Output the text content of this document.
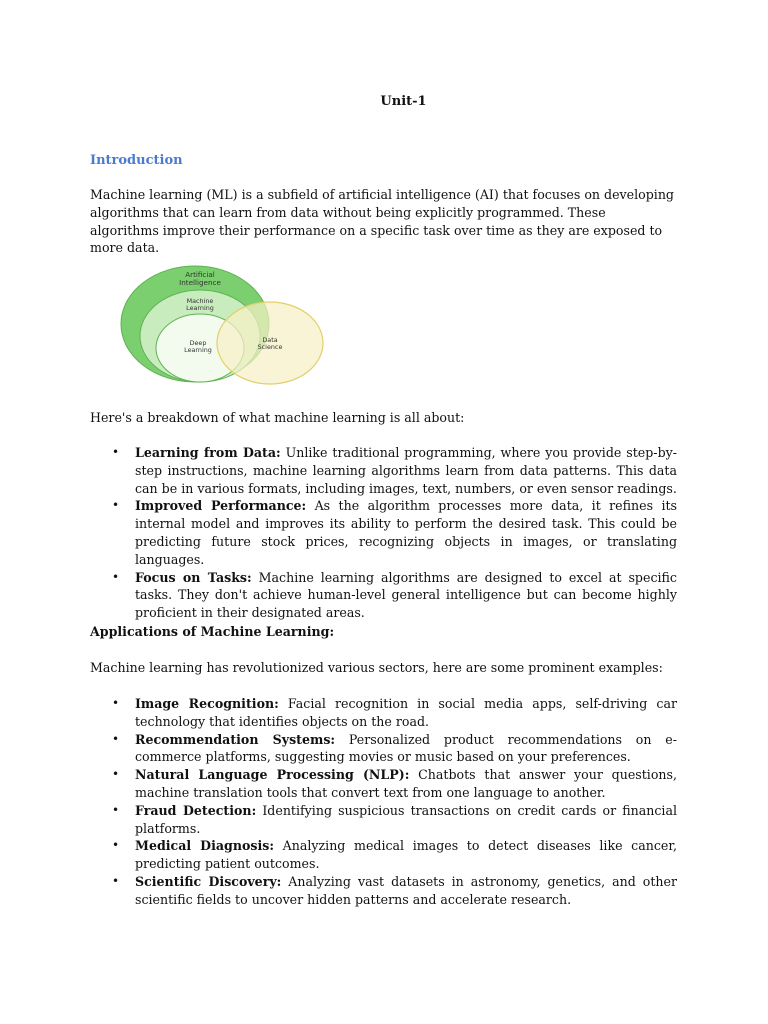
Unit-1
Introduction

Machine learning (ML) is a subfield of artificial intelligence (AI) that focuses on developing algorithms that can learn from data without being explicitly programmed. These algorithms improve their performance on a specific task over time as they are exposed to more data.

Artificial
Intelligence
Machine
Learning
Deep
Learning
Data
Science

Here's a breakdown of what machine learning is all about:

• Learning from Data: Unlike traditional programming, where you provide step-by-step instructions, machine learning algorithms learn from data patterns. This data can be in various formats, including images, text, numbers, or even sensor readings.
• Improved Performance: As the algorithm processes more data, it refines its internal model and improves its ability to perform the desired task. This could be predicting future stock prices, recognizing objects in images, or translating languages.
• Focus on Tasks: Machine learning algorithms are designed to excel at specific tasks. They don't achieve human-level general intelligence but can become highly proficient in their designated areas.
Applications of Machine Learning:

Machine learning has revolutionized various sectors, here are some prominent examples:

• Image Recognition: Facial recognition in social media apps, self-driving car technology that identifies objects on the road.
• Recommendation Systems: Personalized product recommendations on e-commerce platforms, suggesting movies or music based on your preferences.
• Natural Language Processing (NLP): Chatbots that answer your questions, machine translation tools that convert text from one language to another.
• Fraud Detection: Identifying suspicious transactions on credit cards or financial platforms.
• Medical Diagnosis: Analyzing medical images to detect diseases like cancer, predicting patient outcomes.
• Scientific Discovery: Analyzing vast datasets in astronomy, genetics, and other scientific fields to uncover hidden patterns and accelerate research.
